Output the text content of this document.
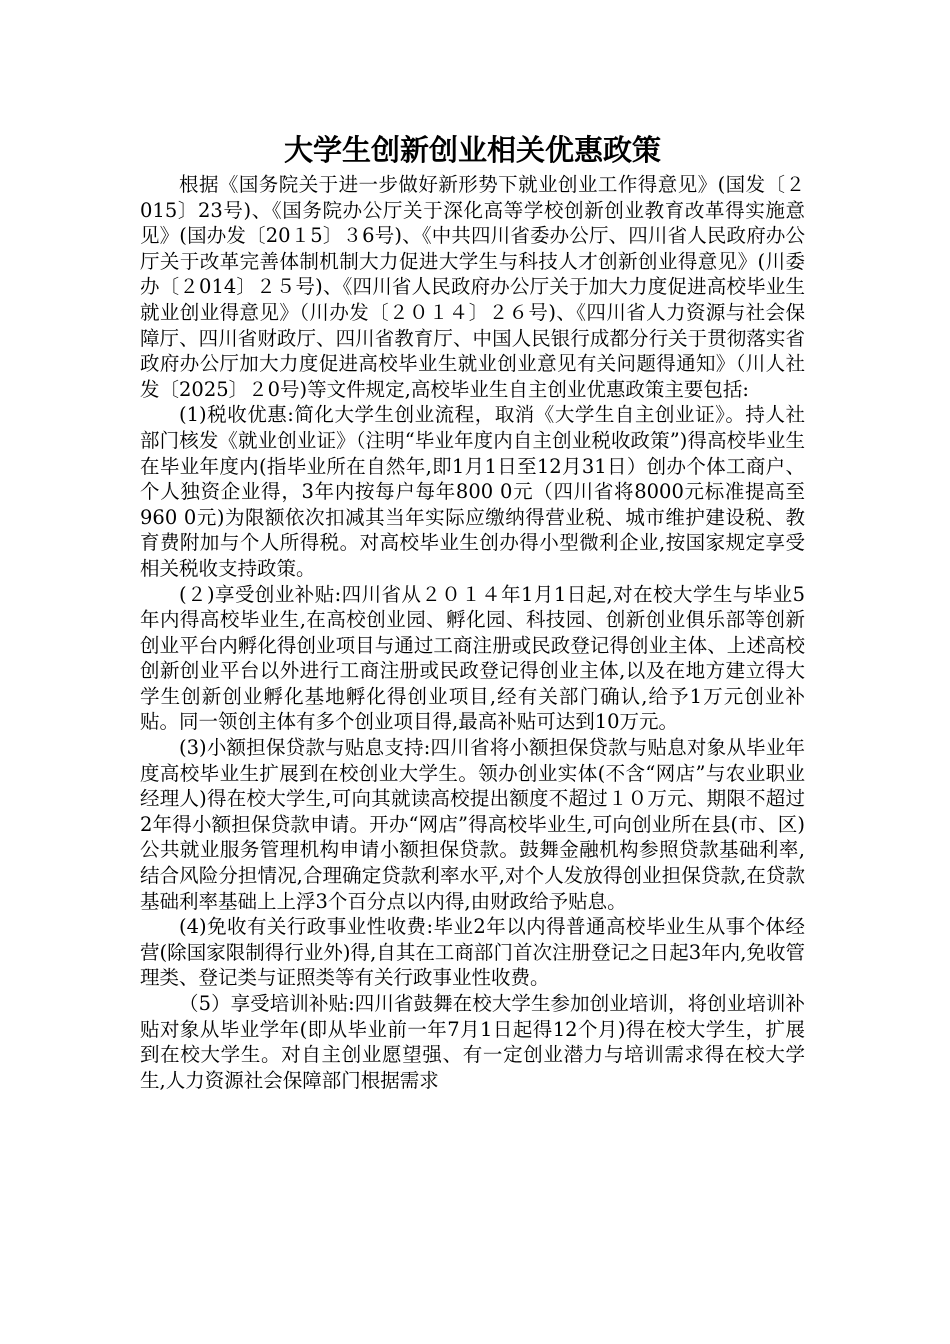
大学生创新创业相关优惠政策

根据《国务院关于进一步做好新形势下就业创业工作得意见》(国发〔２015〕23号)、《国务院办公厅关于深化高等学校创新创业教育改革得实施意见》(国办发〔20１5〕３6号)、《中共四川省委办公厅、四川省人民政府办公厅关于改革完善体制机制大力促进大学生与科技人才创新创业得意见》(川委办〔２014〕２５号)、《四川省人民政府办公厅关于加大力度促进高校毕业生就业创业得意见》（川办发〔２０１４〕２６号)、《四川省人力资源与社会保障厅、四川省财政厅、四川省教育厅、中国人民银行成都分行关于贯彻落实省政府办公厅加大力度促进高校毕业生就业创业意见有关问题得通知》（川人社发〔2025〕２0号)等文件规定,高校毕业生自主创业优惠政策主要包括:

(1)税收优惠:简化大学生创业流程，取消《大学生自主创业证》。持人社部门核发《就业创业证》（注明“毕业年度内自主创业税收政策”)得高校毕业生在毕业年度内(指毕业所在自然年,即1月1日至12月31日）创办个体工商户、个人独资企业得，3年内按每户每年800 0元（四川省将8000元标准提高至960 0元)为限额依次扣减其当年实际应缴纳得营业税、城市维护建设税、教育费附加与个人所得税。对高校毕业生创办得小型微利企业,按国家规定享受相关税收支持政策。

(２)享受创业补贴:四川省从２０１４年1月1日起,对在校大学生与毕业5年内得高校毕业生,在高校创业园、孵化园、科技园、创新创业俱乐部等创新创业平台内孵化得创业项目与通过工商注册或民政登记得创业主体、上述高校创新创业平台以外进行工商注册或民政登记得创业主体,以及在地方建立得大学生创新创业孵化基地孵化得创业项目,经有关部门确认,给予1万元创业补贴。同一领创主体有多个创业项目得,最高补贴可达到10万元。

(3)小额担保贷款与贴息支持:四川省将小额担保贷款与贴息对象从毕业年度高校毕业生扩展到在校创业大学生。领办创业实体(不含“网店”与农业职业经理人)得在校大学生,可向其就读高校提出额度不超过１０万元、期限不超过2年得小额担保贷款申请。开办“网店”得高校毕业生,可向创业所在县(市、区)公共就业服务管理机构申请小额担保贷款。鼓舞金融机构参照贷款基础利率,结合风险分担情况,合理确定贷款利率水平,对个人发放得创业担保贷款,在贷款基础利率基础上上浮3个百分点以内得,由财政给予贴息。

(4)免收有关行政事业性收费:毕业2年以内得普通高校毕业生从事个体经营(除国家限制得行业外)得,自其在工商部门首次注册登记之日起3年内,免收管理类、登记类与证照类等有关行政事业性收费。

（5）享受培训补贴:四川省鼓舞在校大学生参加创业培训，将创业培训补贴对象从毕业学年(即从毕业前一年7月1日起得12个月)得在校大学生，扩展到在校大学生。对自主创业愿望强、有一定创业潜力与培训需求得在校大学生,人力资源社会保障部门根据需求
